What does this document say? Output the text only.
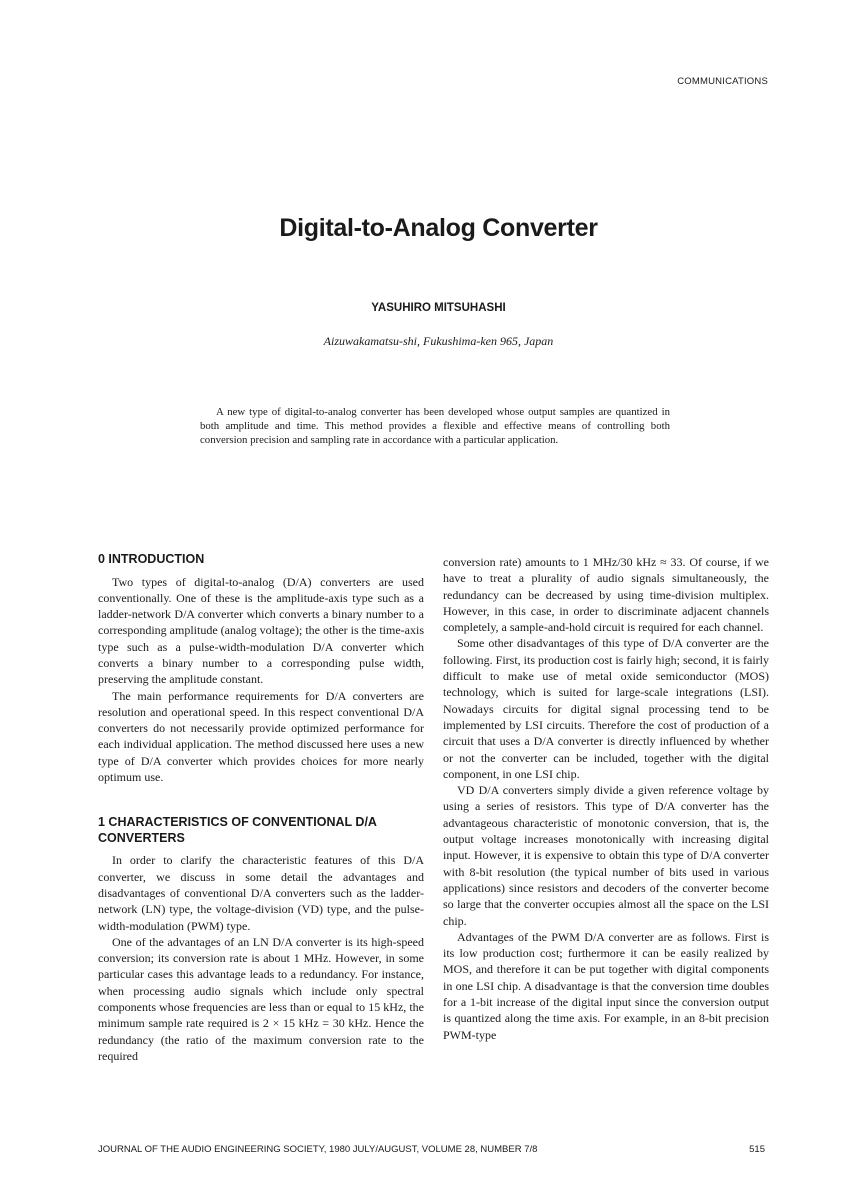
COMMUNICATIONS
Digital-to-Analog Converter
YASUHIRO MITSUHASHI
Aizuwakamatsu-shi, Fukushima-ken 965, Japan

A new type of digital-to-analog converter has been developed whose output samples are quantized in both amplitude and time. This method provides a flexible and effective means of controlling both conversion precision and sampling rate in accordance with a particular application.

0 INTRODUCTION

Two types of digital-to-analog (D/A) converters are used conventionally. One of these is the amplitude-axis type such as a ladder-network D/A converter which converts a binary number to a corresponding amplitude (analog voltage); the other is the time-axis type such as a pulse-width-modulation D/A converter which converts a binary number to a corresponding pulse width, preserving the amplitude constant.

The main performance requirements for D/A converters are resolution and operational speed. In this respect conventional D/A converters do not necessarily provide optimized performance for each individual application. The method discussed here uses a new type of D/A converter which provides choices for more nearly optimum use.

1 CHARACTERISTICS OF CONVENTIONAL D/A CONVERTERS

In order to clarify the characteristic features of this D/A converter, we discuss in some detail the advantages and disadvantages of conventional D/A converters such as the ladder-network (LN) type, the voltage-division (VD) type, and the pulse-width-modulation (PWM) type.

One of the advantages of an LN D/A converter is its high-speed conversion; its conversion rate is about 1 MHz. However, in some particular cases this advantage leads to a redundancy. For instance, when processing audio signals which include only spectral components whose frequencies are less than or equal to 15 kHz, the minimum sample rate required is 2 × 15 kHz = 30 kHz. Hence the redundancy (the ratio of the maximum conversion rate to the required

conversion rate) amounts to 1 MHz/30 kHz ≈ 33. Of course, if we have to treat a plurality of audio signals simultaneously, the redundancy can be decreased by using time-division multiplex. However, in this case, in order to discriminate adjacent channels completely, a sample-and-hold circuit is required for each channel.

Some other disadvantages of this type of D/A converter are the following. First, its production cost is fairly high; second, it is fairly difficult to make use of metal oxide semiconductor (MOS) technology, which is suited for large-scale integrations (LSI). Nowadays circuits for digital signal processing tend to be implemented by LSI circuits. Therefore the cost of production of a circuit that uses a D/A converter is directly influenced by whether or not the converter can be included, together with the digital component, in one LSI chip.

VD D/A converters simply divide a given reference voltage by using a series of resistors. This type of D/A converter has the advantageous characteristic of monotonic conversion, that is, the output voltage increases monotonically with increasing digital input. However, it is expensive to obtain this type of D/A converter with 8-bit resolution (the typical number of bits used in various applications) since resistors and decoders of the converter become so large that the converter occupies almost all the space on the LSI chip.

Advantages of the PWM D/A converter are as follows. First is its low production cost; furthermore it can be easily realized by MOS, and therefore it can be put together with digital components in one LSI chip. A disadvantage is that the conversion time doubles for a 1-bit increase of the digital input since the conversion output is quantized along the time axis. For example, in an 8-bit precision PWM-type

JOURNAL OF THE AUDIO ENGINEERING SOCIETY, 1980 JULY/AUGUST, VOLUME 28, NUMBER 7/8	515
